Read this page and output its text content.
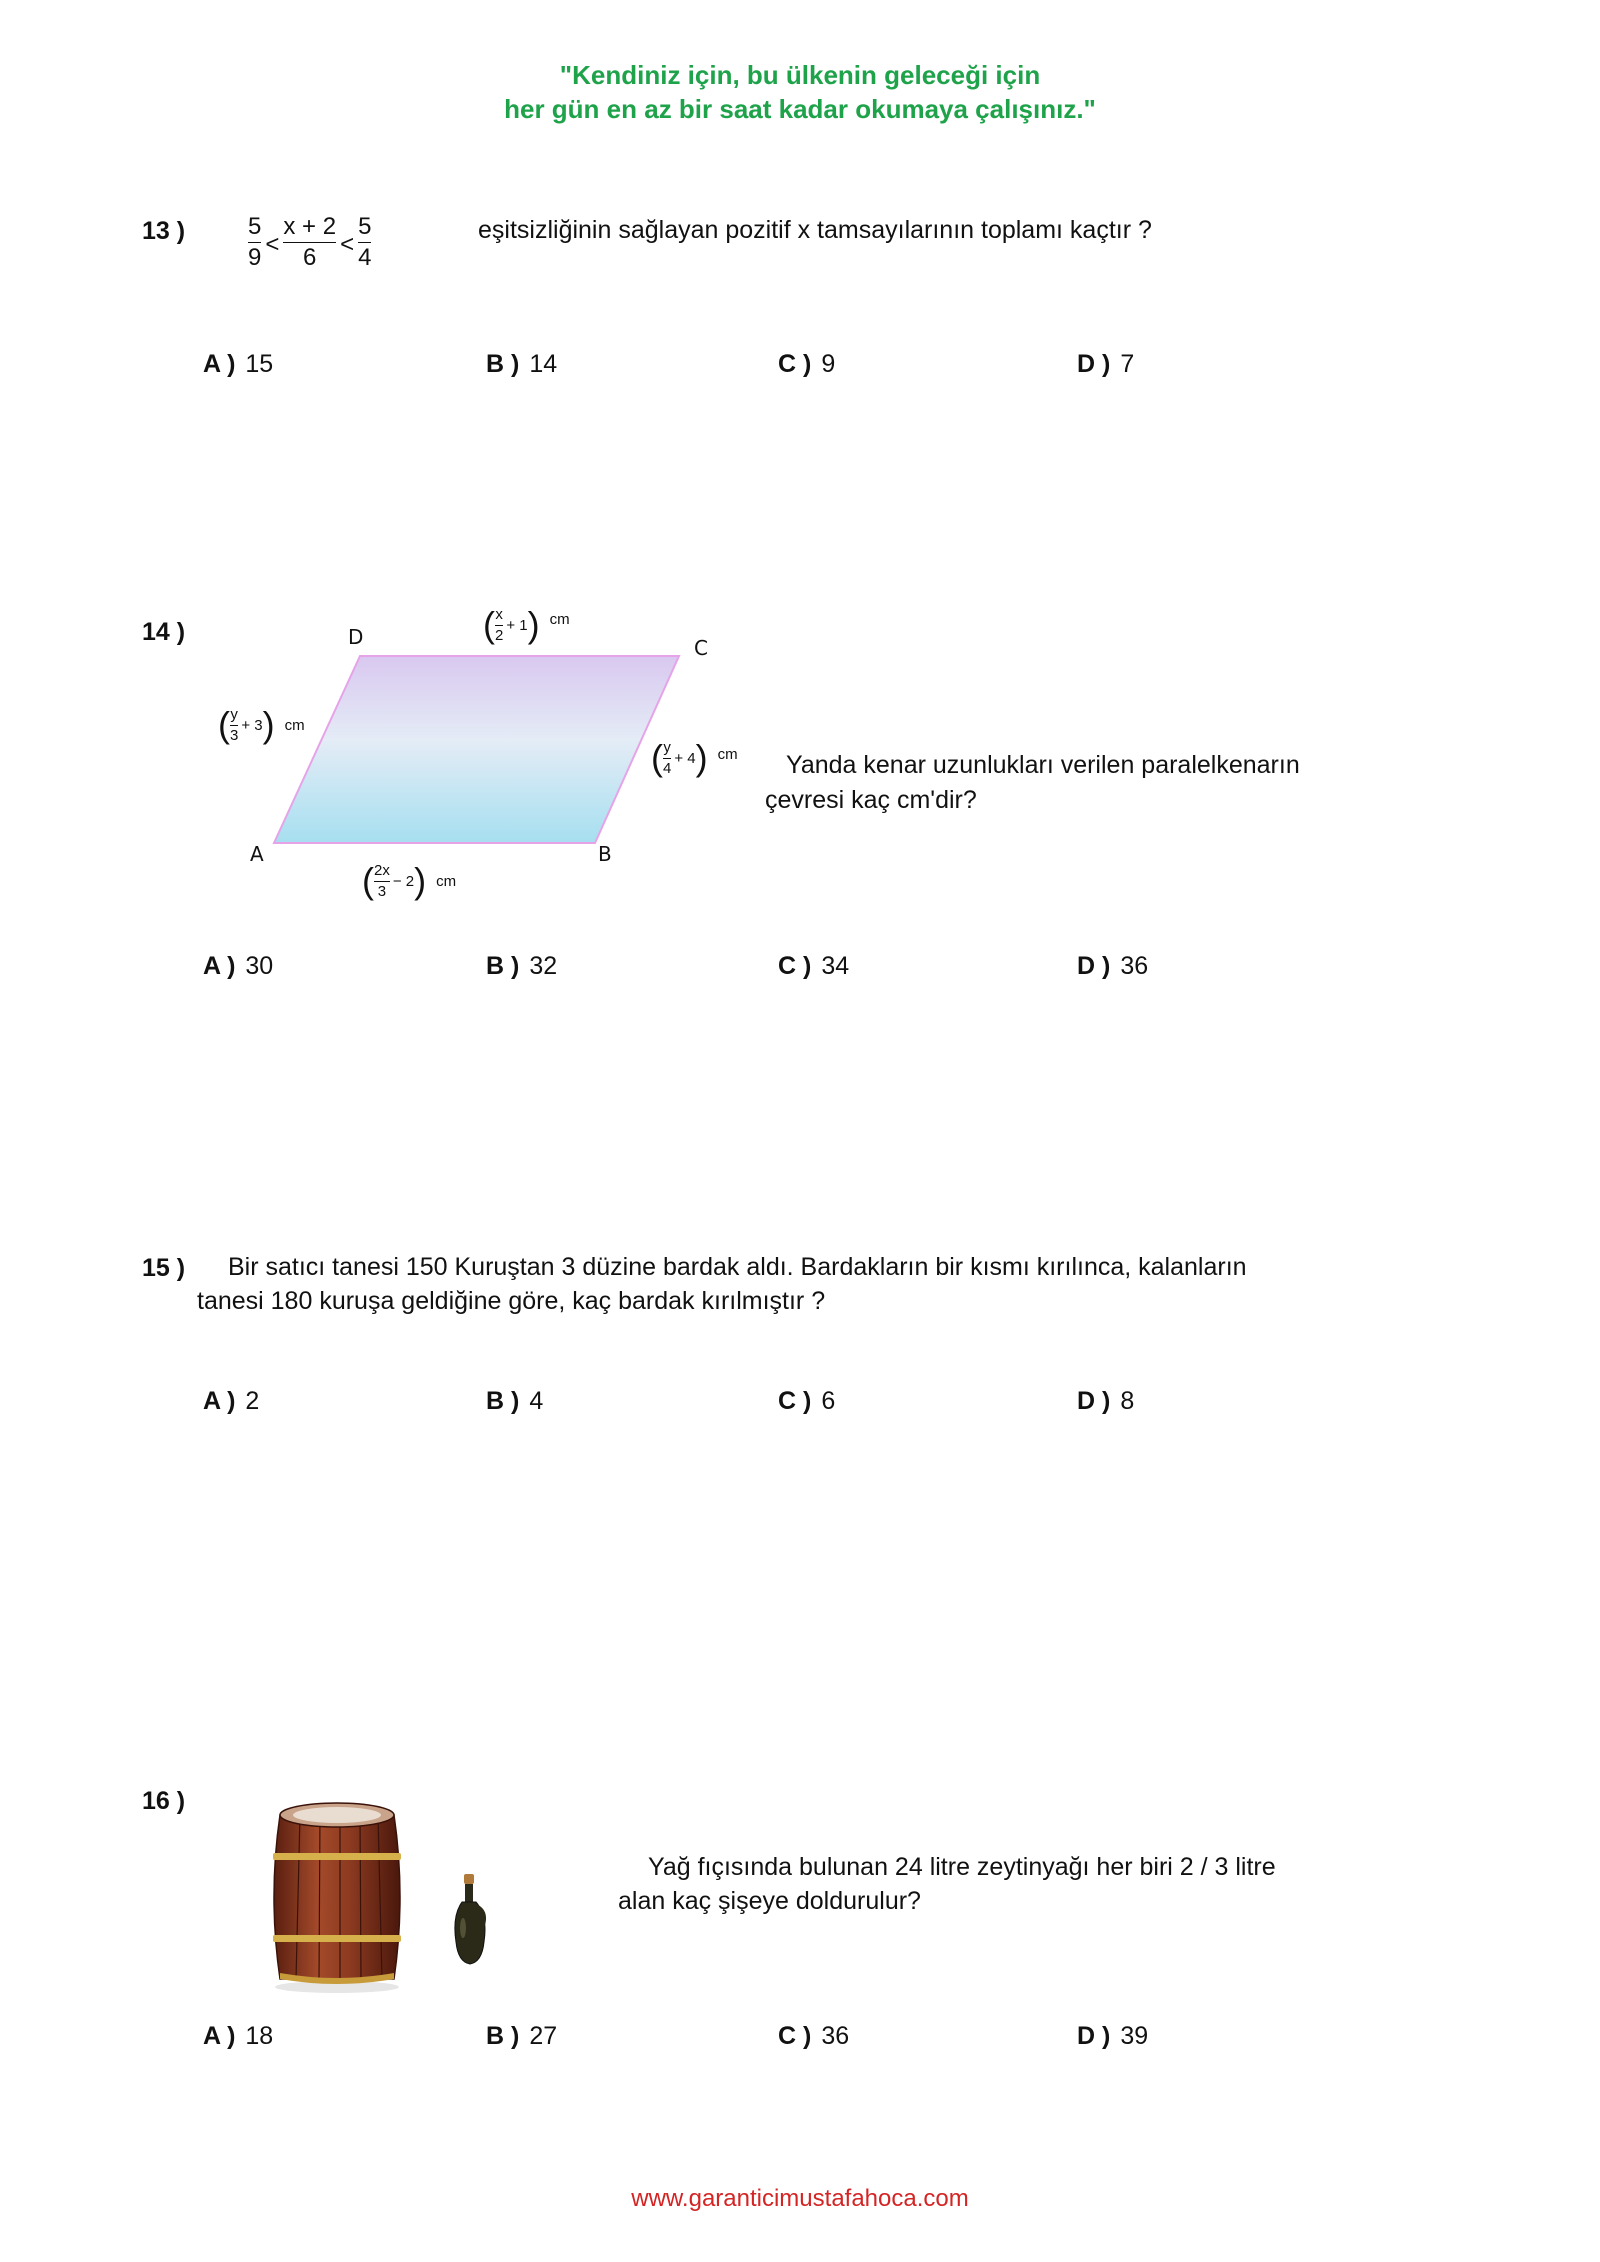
"Kendiniz için, bu ülkenin geleceği için
her gün en az bir saat kadar okumaya çalışınız."
13 )	$\frac{5}{9} < \frac{x + 2}{6} < \frac{5}{4}$	eşitsizliğinin sağlayan pozitif x tamsayılarının toplamı kaçtır ?
A ) 15	B ) 14	C ) 9	D ) 7
14 )	D	C
A	B
( $\frac{x}{2} + 1$ ) cm
( $\frac{y}{3} + 3$ ) cm
( $\frac{y}{4} + 4$ ) cm
( $\frac{2x}{3} - 2$ ) cm
Yanda kenar uzunlukları verilen paralelkenarın
çevresi kaç cm'dir?
A ) 30	B ) 32	C ) 34	D ) 36
15 ) Bir satıcı tanesi 150 Kuruştan 3 düzine bardak aldı. Bardakların bir kısmı kırılınca, kalanların
tanesi 180 kuruşa geldiğine göre, kaç bardak kırılmıştır ?
A ) 2	B ) 4	C ) 6	D ) 8
16 )
Yağ fıçısında bulunan 24 litre zeytinyağı her biri 2 / 3 litre
alan kaç şişeye doldurulur?
A ) 18	B ) 27	C ) 36	D ) 39
www.garanticimustafahoca.com
